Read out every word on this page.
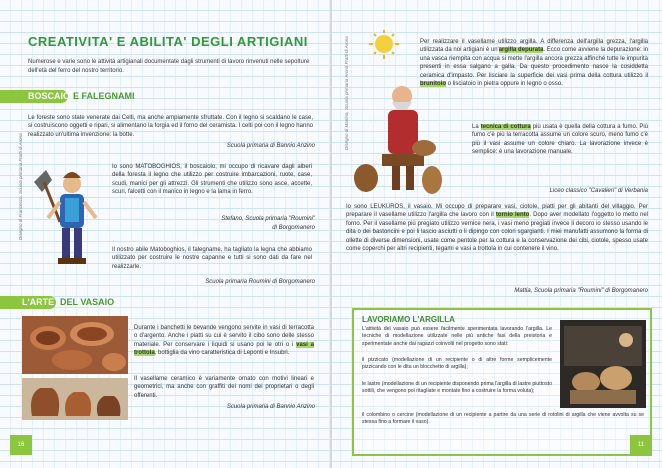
CREATIVITA' E ABILITA' DEGLI ARTIGIANI
Numerose e varie sono le attività artigianali documentate dagli strumenti di lavoro rinvenuti nelle sepolture dell'età del ferro del nostro territorio.
BOSCAIOLI
E FALEGNAMI
Le foreste sono state venerate dai Celti, ma anche ampiamente sfruttate. Con il legno si scaldano le case, si costruiscono oggetti e ripari, si alimentano la forgia ed il forno del ceramista. I celti poi con il legno hanno realizzato un'ultima invenzione: la botte.
Scuola primaria di Bannio Anzino
Disegno di Francesco, Scuola primaria Fratti di Arona	Io sono MATOBOGHIOS, il boscaiolo, mi occupo di ricavare dagli alberi della foresta il legno che utilizzo per costruire imbarcazioni, ruote, case, scudi, manici per gli attrezzi. Gli strumenti che utilizzo sono asce, accette, scuri, falcetti con il manico in legno e la lama in ferro.
Stefano, Scuola primaria "Roumini"
di Borgomanero
Il nostro abile Matoboghios, il falegname, ha tagliato la legna che abbiamo utilizzato per costruire le nostre capanne e tutti si sono dati da fare nel realizzarle.
Scuola primaria Roumini di Borgomanero
L'ARTE DEL VASAIO
Durante i banchetti le bevande vengono servite in vasi di terracotta o d'argento. Anche i piatti su cui è servito il cibo sono delle stesso materiale. Per conservare i liquidi si usano poi le otri o i vasi a trottola, bottiglia da vino caratteristica di Leponti e Insubri.
Il vasellame ceramico è variamente ornato con motivi lineari e geometrici, ma anche con graffiti dei nomi dei proprietari o degli offerenti.
Scuola primaria di Bannio Anzino
16
Disegno di Martina, Scuola primaria Arona Fratti di Arona	Per realizzare il vasellame utilizzo argilla. A differenza dell'argilla grezza, l'argilla utilizzata da noi artigiani è un'argilla depurata. Ecco come avviene la depurazione: in una vasca riempita con acqua si mette l'argilla ancora grezza affinché tutte le impurità presenti in essa salgano a galla. Da questo procedimento nasce la cosiddetta ceramica d'impasto. Per lisciare la superficie dei vasi prima della cottura utilizzo il brunitoio o lisciatoio in pietra oppure in legno o osso.
La tecnica di cottura più usata è quella della cottura a fumo. Più fumo c'è più la terracotta assume un colore scuro, meno fumo c'è più il vasi assume un colore chiaro. La lavorazione invece è semplice: è una lavorazione manuale.
Liceo classico "Cavalieri" di Verbania
Io sono LEUKUROS, il vasaio. Mi occupo di preparare vasi, ciotole, piatti per gli abitanti del villaggio. Per preparare il vasellame utilizzo l'argilla che lavoro con il tornio lento. Dopo aver modellato l'oggetto lo metto nel forno. Per il vasellame più pregiato utilizzo vernice nera, i vasi meno pregiati invece li decoro io stesso usando le dita o dei bastoncini e poi li lascio asciutti o li dipingo con colori sgargianti. I miei manufatti assumono la forma di ollette di diverse dimensioni, usate come pentole per la cottura e la conservazione dei cibi, ciotole, spesso usate come coperchi per altri recipienti, tegami e vasi a trottola in cui contenere il vino.
Mattia, Scuola primaria "Roumini" di Borgomanero
LAVORIAMO L'ARGILLA
L'attività del vasaio può essere facilmente sperimentata lavorando l'argilla. Le tecniche di modellazione utilizzate nelle più antiche fasi della preistoria e sperimentate anche dai ragazzi coinvolti nel progetto sono stati:
il pizzicato (modellazione di un recipiente o di altre forme semplicemente pizzicando con le dita un blocchetto di argilla);
le lastre (modellazione di un recipiente disponendo prima l'argilla di lastre piuttosto sottili, che vengono poi ritagliate e montate fino a costruire la forma voluta);
il colombino o cercine (modellazione di un recipiente a partire da una serie di rotolini di argilla che viene avvolta su se stessa fino a formare il vaso).
11
